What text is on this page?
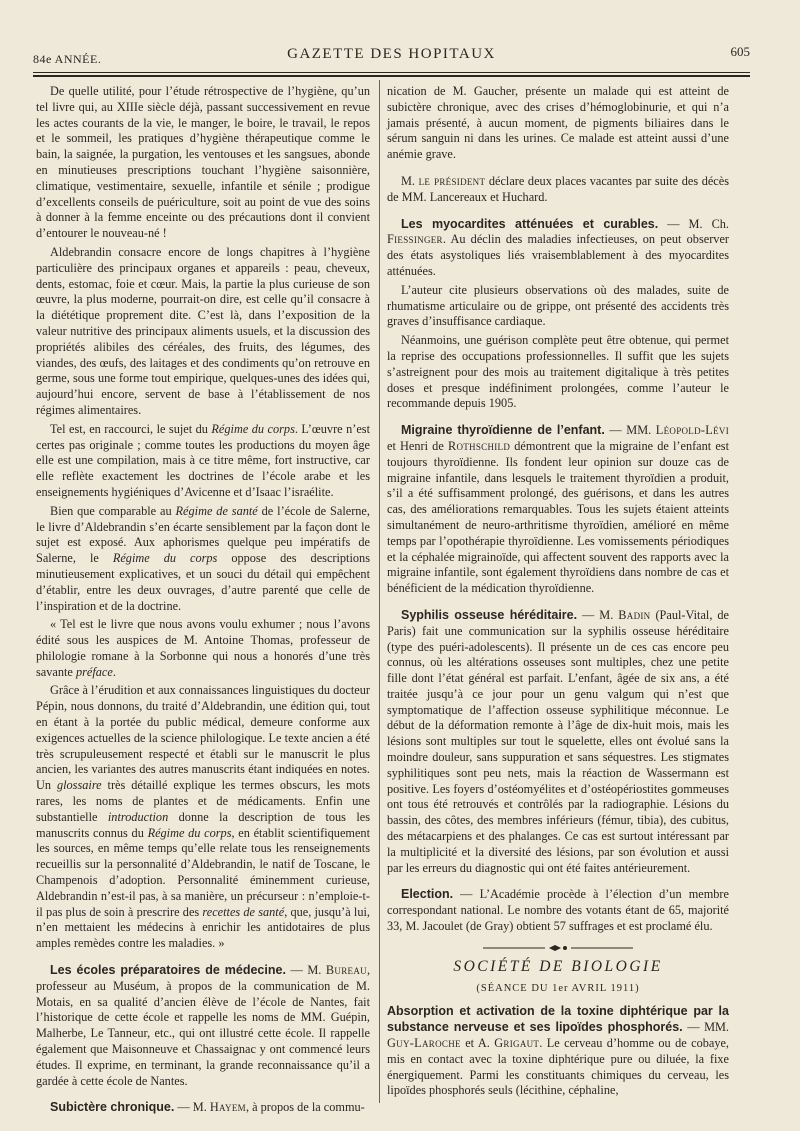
84e ANNÉE.	GAZETTE DES HOPITAUX	605

De quelle utilité, pour l’étude rétrospective de l’hygiène, qu’un tel livre qui, au XIIIe siècle déjà, passant successivement en revue les actes courants de la vie, le manger, le boire, le travail, le repos et le sommeil, les pratiques d’hygiène thérapeutique comme le bain, la saignée, la purgation, les ventouses et les sangsues, abonde en minutieuses prescriptions touchant l’hygiène saisonnière, climatique, vestimentaire, sexuelle, infantile et sénile ; prodigue d’excellents conseils de puériculture, soit au point de vue des soins à donner à la femme enceinte ou des précautions dont il convient d’entourer le nouveau-né !

Aldebrandin consacre encore de longs chapitres à l’hygiène particulière des principaux organes et appareils : peau, cheveux, dents, estomac, foie et cœur. Mais, la partie la plus curieuse de son œuvre, la plus moderne, pourrait-on dire, est celle qu’il consacre à la diététique proprement dite. C’est là, dans l’exposition de la valeur nutritive des principaux aliments usuels, et la discussion des propriétés alibiles des céréales, des fruits, des légumes, des viandes, des œufs, des laitages et des condiments qu’on retrouve en germe, sous une forme tout empirique, quelques-unes des idées qui, aujourd’hui encore, servent de base à l’établissement de nos régimes alimentaires.

Tel est, en raccourci, le sujet du Régime du corps. L’œuvre n’est certes pas originale ; comme toutes les productions du moyen âge elle est une compilation, mais à ce titre même, fort instructive, car elle reflète exactement les doctrines de l’école arabe et les enseignements hygiéniques d’Avicenne et d’Isaac l’israélite.

Bien que comparable au Régime de santé de l’école de Salerne, le livre d’Aldebrandin s’en écarte sensiblement par la façon dont le sujet est exposé. Aux aphorismes quelque peu impératifs de Salerne, le Régime du corps oppose des descriptions minutieusement explicatives, et un souci du détail qui empêchent d’établir, entre les deux ouvrages, d’autre parenté que celle de l’inspiration et de la doctrine.

« Tel est le livre que nous avons voulu exhumer ; nous l’avons édité sous les auspices de M. Antoine Thomas, professeur de philologie romane à la Sorbonne qui nous a honorés d’une très savante préface.

Grâce à l’érudition et aux connaissances linguistiques du docteur Pépin, nous donnons, du traité d’Aldebrandin, une édition qui, tout en étant à la portée du public médical, demeure conforme aux exigences actuelles de la science philologique. Le texte ancien a été très scrupuleusement respecté et établi sur le manuscrit le plus ancien, les variantes des autres manuscrits étant indiquées en notes. Un glossaire très détaillé explique les termes obscurs, les mots rares, les noms de plantes et de médicaments. Enfin une substantielle introduction donne la description de tous les manuscrits connus du Régime du corps, en établit scientifiquement les sources, en même temps qu’elle relate tous les renseignements recueillis sur la personnalité d’Aldebrandin, le natif de Toscane, le Champenois d’adoption. Personnalité éminemment curieuse, Aldebrandin n’est-il pas, à sa manière, un précurseur : n’emploie-t-il pas plus de soin à prescrire des recettes de santé, que, jusqu’à lui, n’en mettaient les médecins à enrichir les antidotaires de plus amples remèdes contre les maladies. »

Les écoles préparatoires de médecine. — M. Bureau, professeur au Muséum, à propos de la communication de M. Motais, en sa qualité d’ancien élève de l’école de Nantes, fait l’historique de cette école et rappelle les noms de MM. Guépin, Malherbe, Le Tanneur, etc., qui ont illustré cette école. Il rappelle également que Maisonneuve et Chassaignac y ont commencé leurs études. Il exprime, en terminant, la grande reconnaissance qu’il a gardée à cette école de Nantes.

Subictère chronique. — M. Hayem, à propos de la commu-

nication de M. Gaucher, présente un malade qui est atteint de subictère chronique, avec des crises d’hémoglobinurie, et qui n’a jamais présenté, à aucun moment, de pigments biliaires dans le sérum sanguin ni dans les urines. Ce malade est atteint aussi d’une anémie grave.

M. le président déclare deux places vacantes par suite des décès de MM. Lancereaux et Huchard.

Les myocardites atténuées et curables. — M. Ch. Fiessinger. Au déclin des maladies infectieuses, on peut observer des états asystoliques liés vraisemblablement à des myocardites atténuées.

L’auteur cite plusieurs observations où des malades, suite de rhumatisme articulaire ou de grippe, ont présenté des accidents très graves d’insuffisance cardiaque.

Néanmoins, une guérison complète peut être obtenue, qui permet la reprise des occupations professionnelles. Il suffit que les sujets s’astreignent pour des mois au traitement digitalique à très petites doses et presque indéfiniment prolongées, comme l’auteur le recommande depuis 1905.

Migraine thyroïdienne de l’enfant. — MM. Léopold-Lévi et Henri de Rothschild démontrent que la migraine de l’enfant est toujours thyroïdienne. Ils fondent leur opinion sur douze cas de migraine infantile, dans lesquels le traitement thyroïdien a produit, s’il a été suffisamment prolongé, des guérisons, et dans les autres cas, des améliorations remarquables. Tous les sujets étaient atteints simultanément de neuro-arthritisme thyroïdien, amélioré en même temps par l’opothérapie thyroïdienne. Les vomissements périodiques et la céphalée migrainoïde, qui affectent souvent des rapports avec la migraine infantile, sont également thyroïdiens dans nombre de cas et bénéficient de la médication thyroïdienne.

Syphilis osseuse héréditaire. — M. Badin (Paul-Vital, de Paris) fait une communication sur la syphilis osseuse héréditaire (type des puéri-adolescents). Il présente un de ces cas encore peu connus, où les altérations osseuses sont multiples, chez une petite fille dont l’état général est parfait. L’enfant, âgée de six ans, a été traitée jusqu’à ce jour pour un genu valgum qui n’est que symptomatique de l’affection osseuse syphilitique méconnue. Le début de la déformation remonte à l’âge de dix-huit mois, mais les lésions sont multiples sur tout le squelette, elles ont évolué sans la moindre douleur, sans suppuration et sans séquestres. Les stigmates syphilitiques sont peu nets, mais la réaction de Wassermann est positive. Les foyers d’ostéomyélites et d’ostéopériostites gommeuses ont tous été retrouvés et contrôlés par la radiographie. Lésions du bassin, des côtes, des membres inférieurs (fémur, tibia), des cubitus, des métacarpiens et des phalanges. Ce cas est surtout intéressant par la multiplicité et la diversité des lésions, par son évolution et aussi par les erreurs du diagnostic qui ont été faites antérieurement.

Election. — L’Académie procède à l’élection d’un membre correspondant national. Le nombre des votants étant de 65, majorité 33, M. Jacoulet (de Gray) obtient 57 suffrages et est proclamé élu.

SOCIÉTÉ DE BIOLOGIE
(SÉANCE DU 1er AVRIL 1911)

Absorption et activation de la toxine diphtérique par la substance nerveuse et ses lipoïdes phosphorés. — MM. Guy-Laroche et A. Grigaut. Le cerveau d’homme ou de cobaye, mis en contact avec la toxine diphtérique pure ou diluée, la fixe énergiquement. Parmi les constituants chimiques du cerveau, les lipoïdes phosphorés seuls (lécithine, céphaline,
